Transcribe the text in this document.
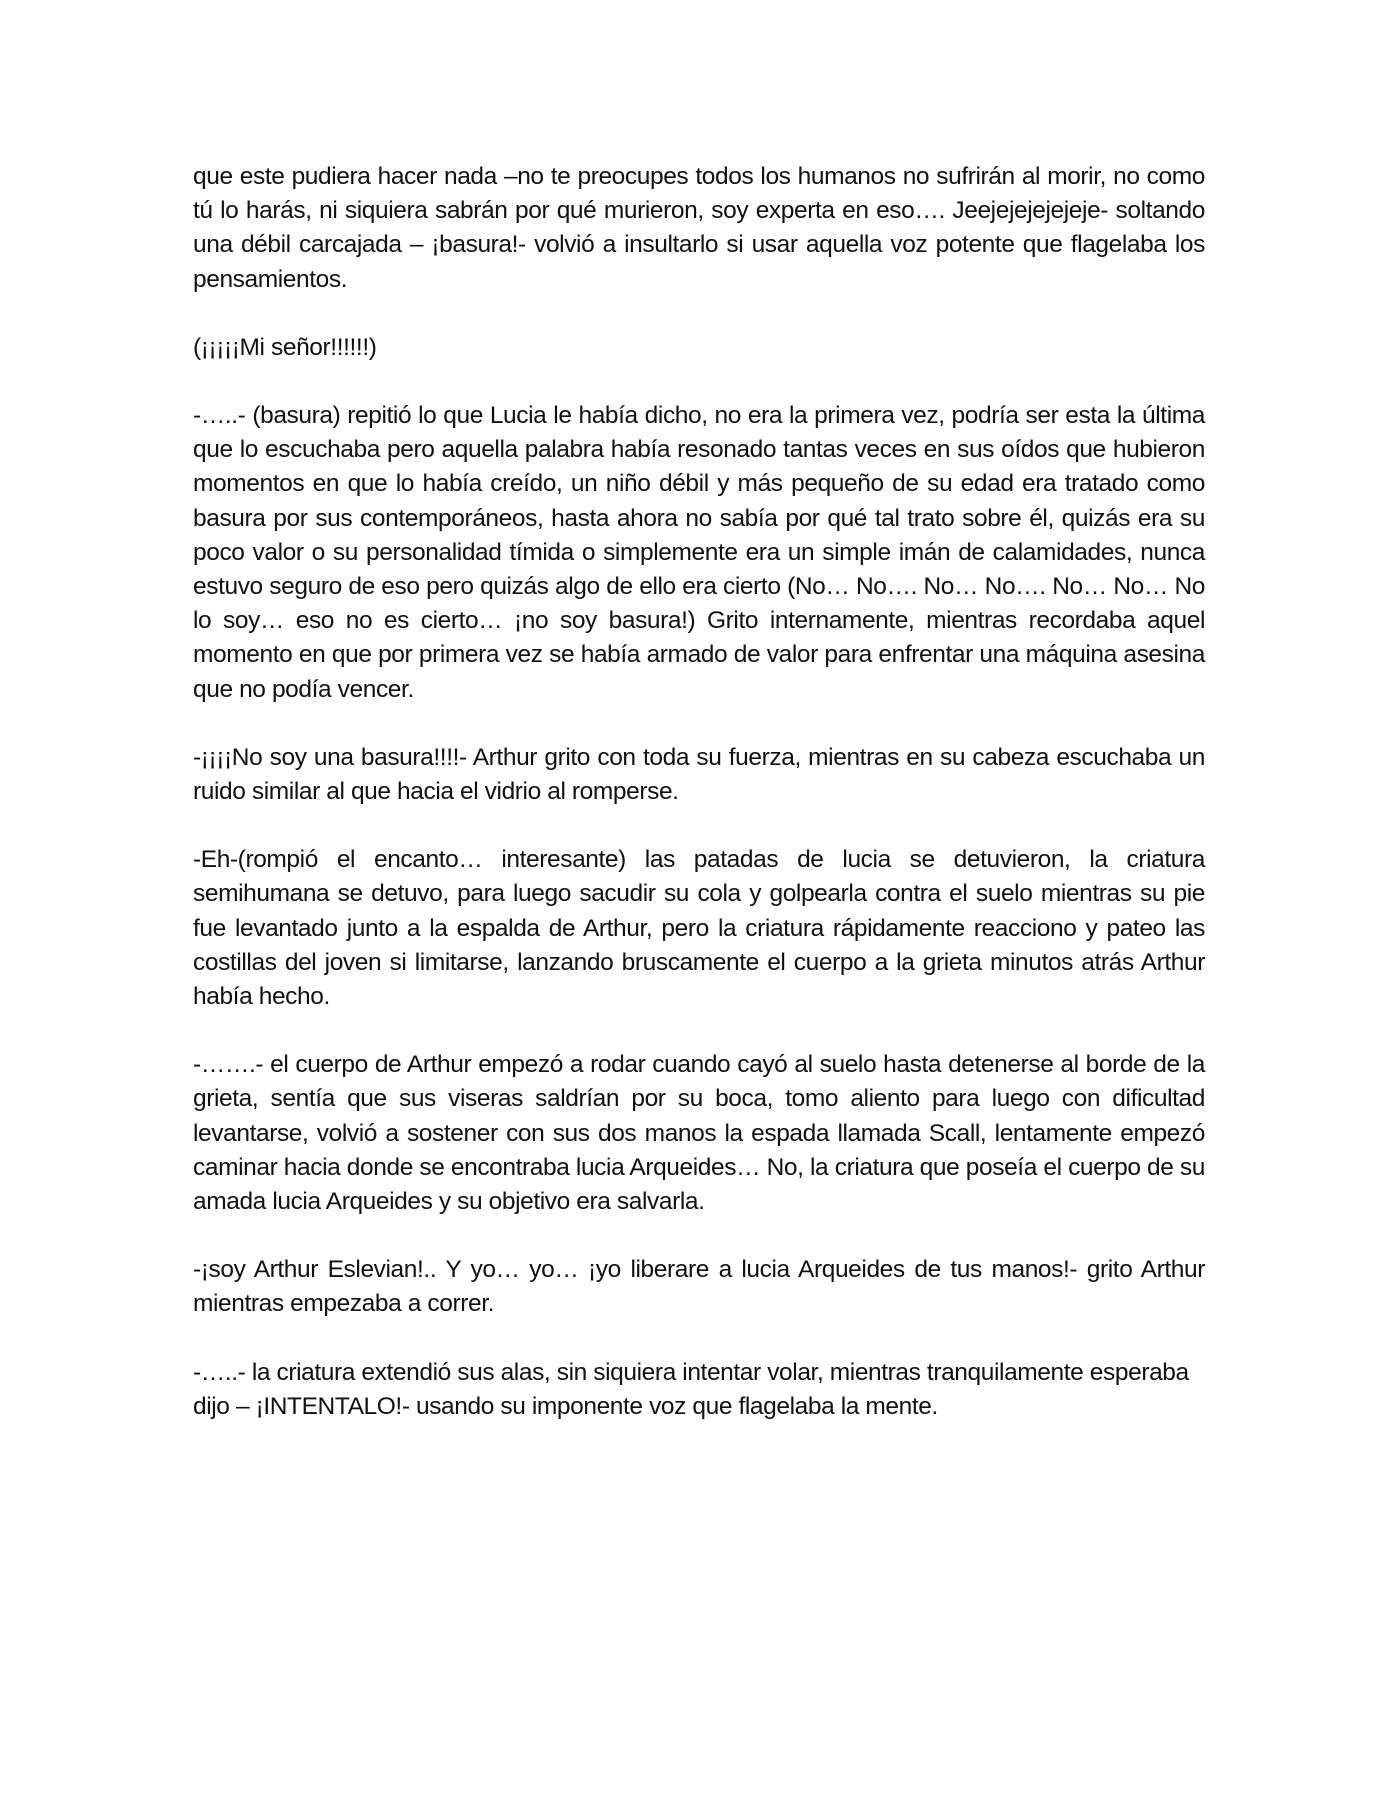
que este pudiera hacer nada –no te preocupes todos los humanos no sufrirán al morir, no como tú lo harás, ni siquiera sabrán por qué murieron, soy experta en eso…. Jeejejejejejeje- soltando una débil carcajada – ¡basura!- volvió a insultarlo si usar aquella voz potente que flagelaba los pensamientos.

(¡¡¡¡¡Mi señor!!!!!!)

-…..- (basura) repitió lo que Lucia le había dicho, no era la primera vez, podría ser esta la última que lo escuchaba pero aquella palabra había resonado tantas veces en sus oídos que hubieron momentos en que lo había creído, un niño débil y más pequeño de su edad era tratado como basura por sus contemporáneos, hasta ahora no sabía por qué tal trato sobre él, quizás era su poco valor o su personalidad tímida o simplemente era un simple imán de calamidades, nunca estuvo seguro de eso pero quizás algo de ello era cierto (No… No…. No… No…. No… No… No lo soy… eso no es cierto… ¡no soy basura!) Grito internamente, mientras recordaba aquel momento en que por primera vez se había armado de valor para enfrentar una máquina asesina que no podía vencer.

-¡¡¡¡No soy una basura!!!!- Arthur grito con toda su fuerza, mientras en su cabeza escuchaba un ruido similar al que hacia el vidrio al romperse.

-Eh-(rompió el encanto… interesante) las patadas de lucia se detuvieron, la criatura semihumana se detuvo, para luego sacudir su cola y golpearla contra el suelo mientras su pie fue levantado junto a la espalda de Arthur, pero la criatura rápidamente reacciono y pateo las costillas del joven si limitarse, lanzando bruscamente el cuerpo a la grieta minutos atrás Arthur había hecho.

-…….- el cuerpo de Arthur empezó a rodar cuando cayó al suelo hasta detenerse al borde de la grieta, sentía que sus viseras saldrían por su boca, tomo aliento para luego con dificultad levantarse, volvió a sostener con sus dos manos la espada llamada Scall, lentamente empezó caminar hacia donde se encontraba lucia Arqueides… No, la criatura que poseía el cuerpo de su amada lucia Arqueides y su objetivo era salvarla.

-¡soy Arthur Eslevian!.. Y yo… yo… ¡yo liberare a lucia Arqueides de tus manos!- grito Arthur mientras empezaba a correr.

-…..- la criatura extendió sus alas, sin siquiera intentar volar, mientras tranquilamente esperaba dijo – ¡INTENTALO!- usando su imponente voz que flagelaba la mente.
